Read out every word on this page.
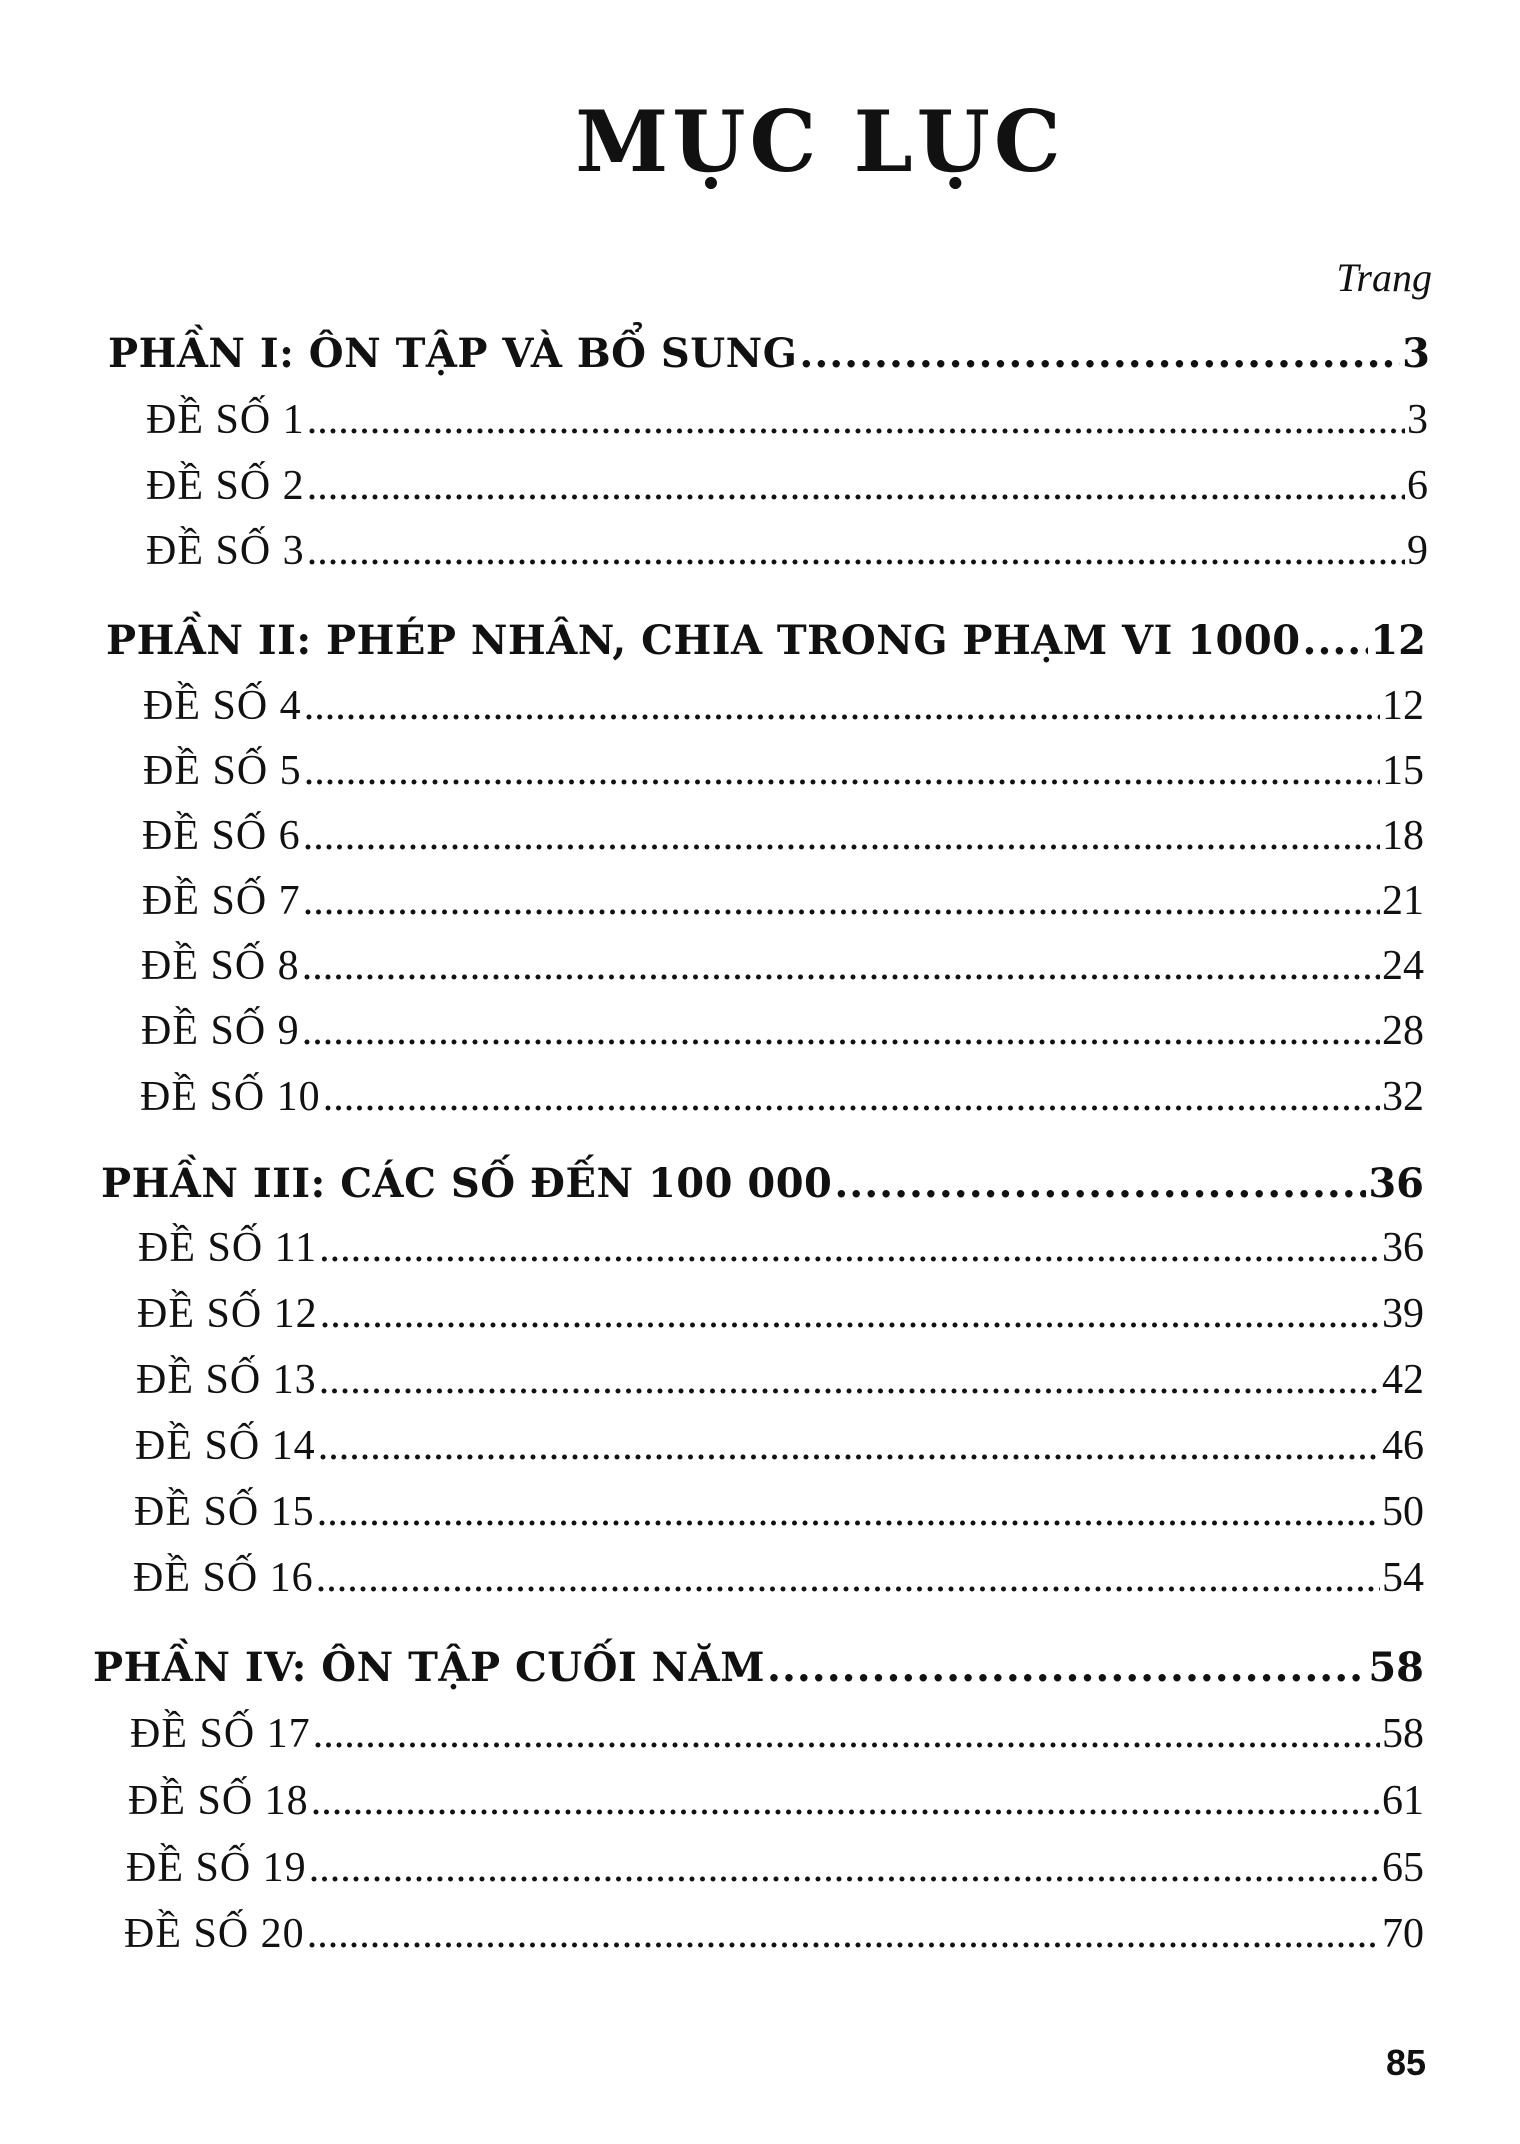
MỤC LỤC
Trang
PHẦN I: ÔN TẬP VÀ BỔ SUNG .....	3
ĐỀ SỐ 1 .....	3
ĐỀ SỐ 2 .....	6
ĐỀ SỐ 3 .....	9
PHẦN II: PHÉP NHÂN, CHIA TRONG PHẠM VI 1000 ..... 12
ĐỀ SỐ 4 .....	12
ĐỀ SỐ 5 .....	15
ĐỀ SỐ 6 .....	18
ĐỀ SỐ 7 .....	21
ĐỀ SỐ 8 .....	24
ĐỀ SỐ 9 .....	28
ĐỀ SỐ 10 .....	32
PHẦN III: CÁC SỐ ĐẾN 100 000 .....	36
ĐỀ SỐ 11 .....	36
ĐỀ SỐ 12 .....	39
ĐỀ SỐ 13 .....	42
ĐỀ SỐ 14 .....	46
ĐỀ SỐ 15 .....	50
ĐỀ SỐ 16 .....	54
PHẦN IV: ÔN TẬP CUỐI NĂM .....	58
ĐỀ SỐ 17 .....	58
ĐỀ SỐ 18 .....	61
ĐỀ SỐ 19 .....	65
ĐỀ SỐ 20 .....	70
85
